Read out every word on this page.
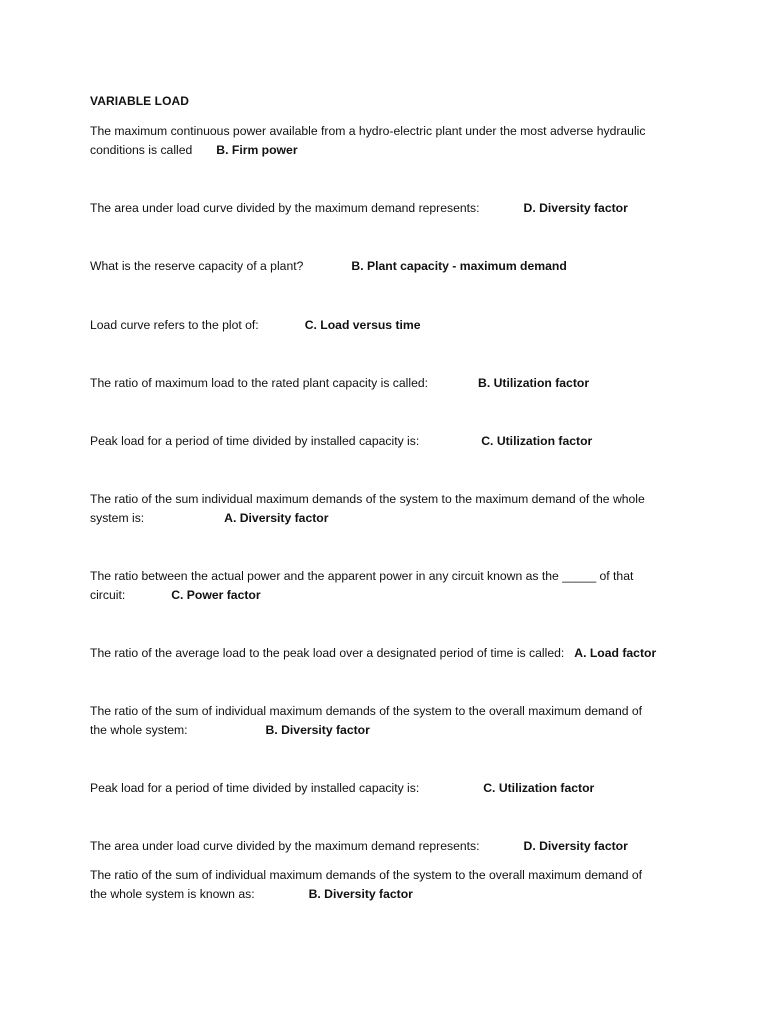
VARIABLE LOAD
The maximum continuous power available from a hydro-electric plant under the most adverse hydraulic
conditions is called B. Firm power
The area under load curve divided by the maximum demand represents:	D. Diversity factor
What is the reserve capacity of a plant?	B. Plant capacity - maximum demand
Load curve refers to the plot of:	C. Load versus time
The ratio of maximum load to the rated plant capacity is called:	B. Utilization factor
Peak load for a period of time divided by installed capacity is:	C. Utilization factor
The ratio of the sum individual maximum demands of the system to the maximum demand of the whole
system is:	A. Diversity factor
The ratio between the actual power and the apparent power in any circuit known as the _____ of that
circuit:	C. Power factor
The ratio of the average load to the peak load over a designated period of time is called: A. Load factor
The ratio of the sum of individual maximum demands of the system to the overall maximum demand of
the whole system:	B. Diversity factor
Peak load for a period of time divided by installed capacity is:	C. Utilization factor
The area under load curve divided by the maximum demand represents:	D. Diversity factor
The ratio of the sum of individual maximum demands of the system to the overall maximum demand of
the whole system is known as:	B. Diversity factor
